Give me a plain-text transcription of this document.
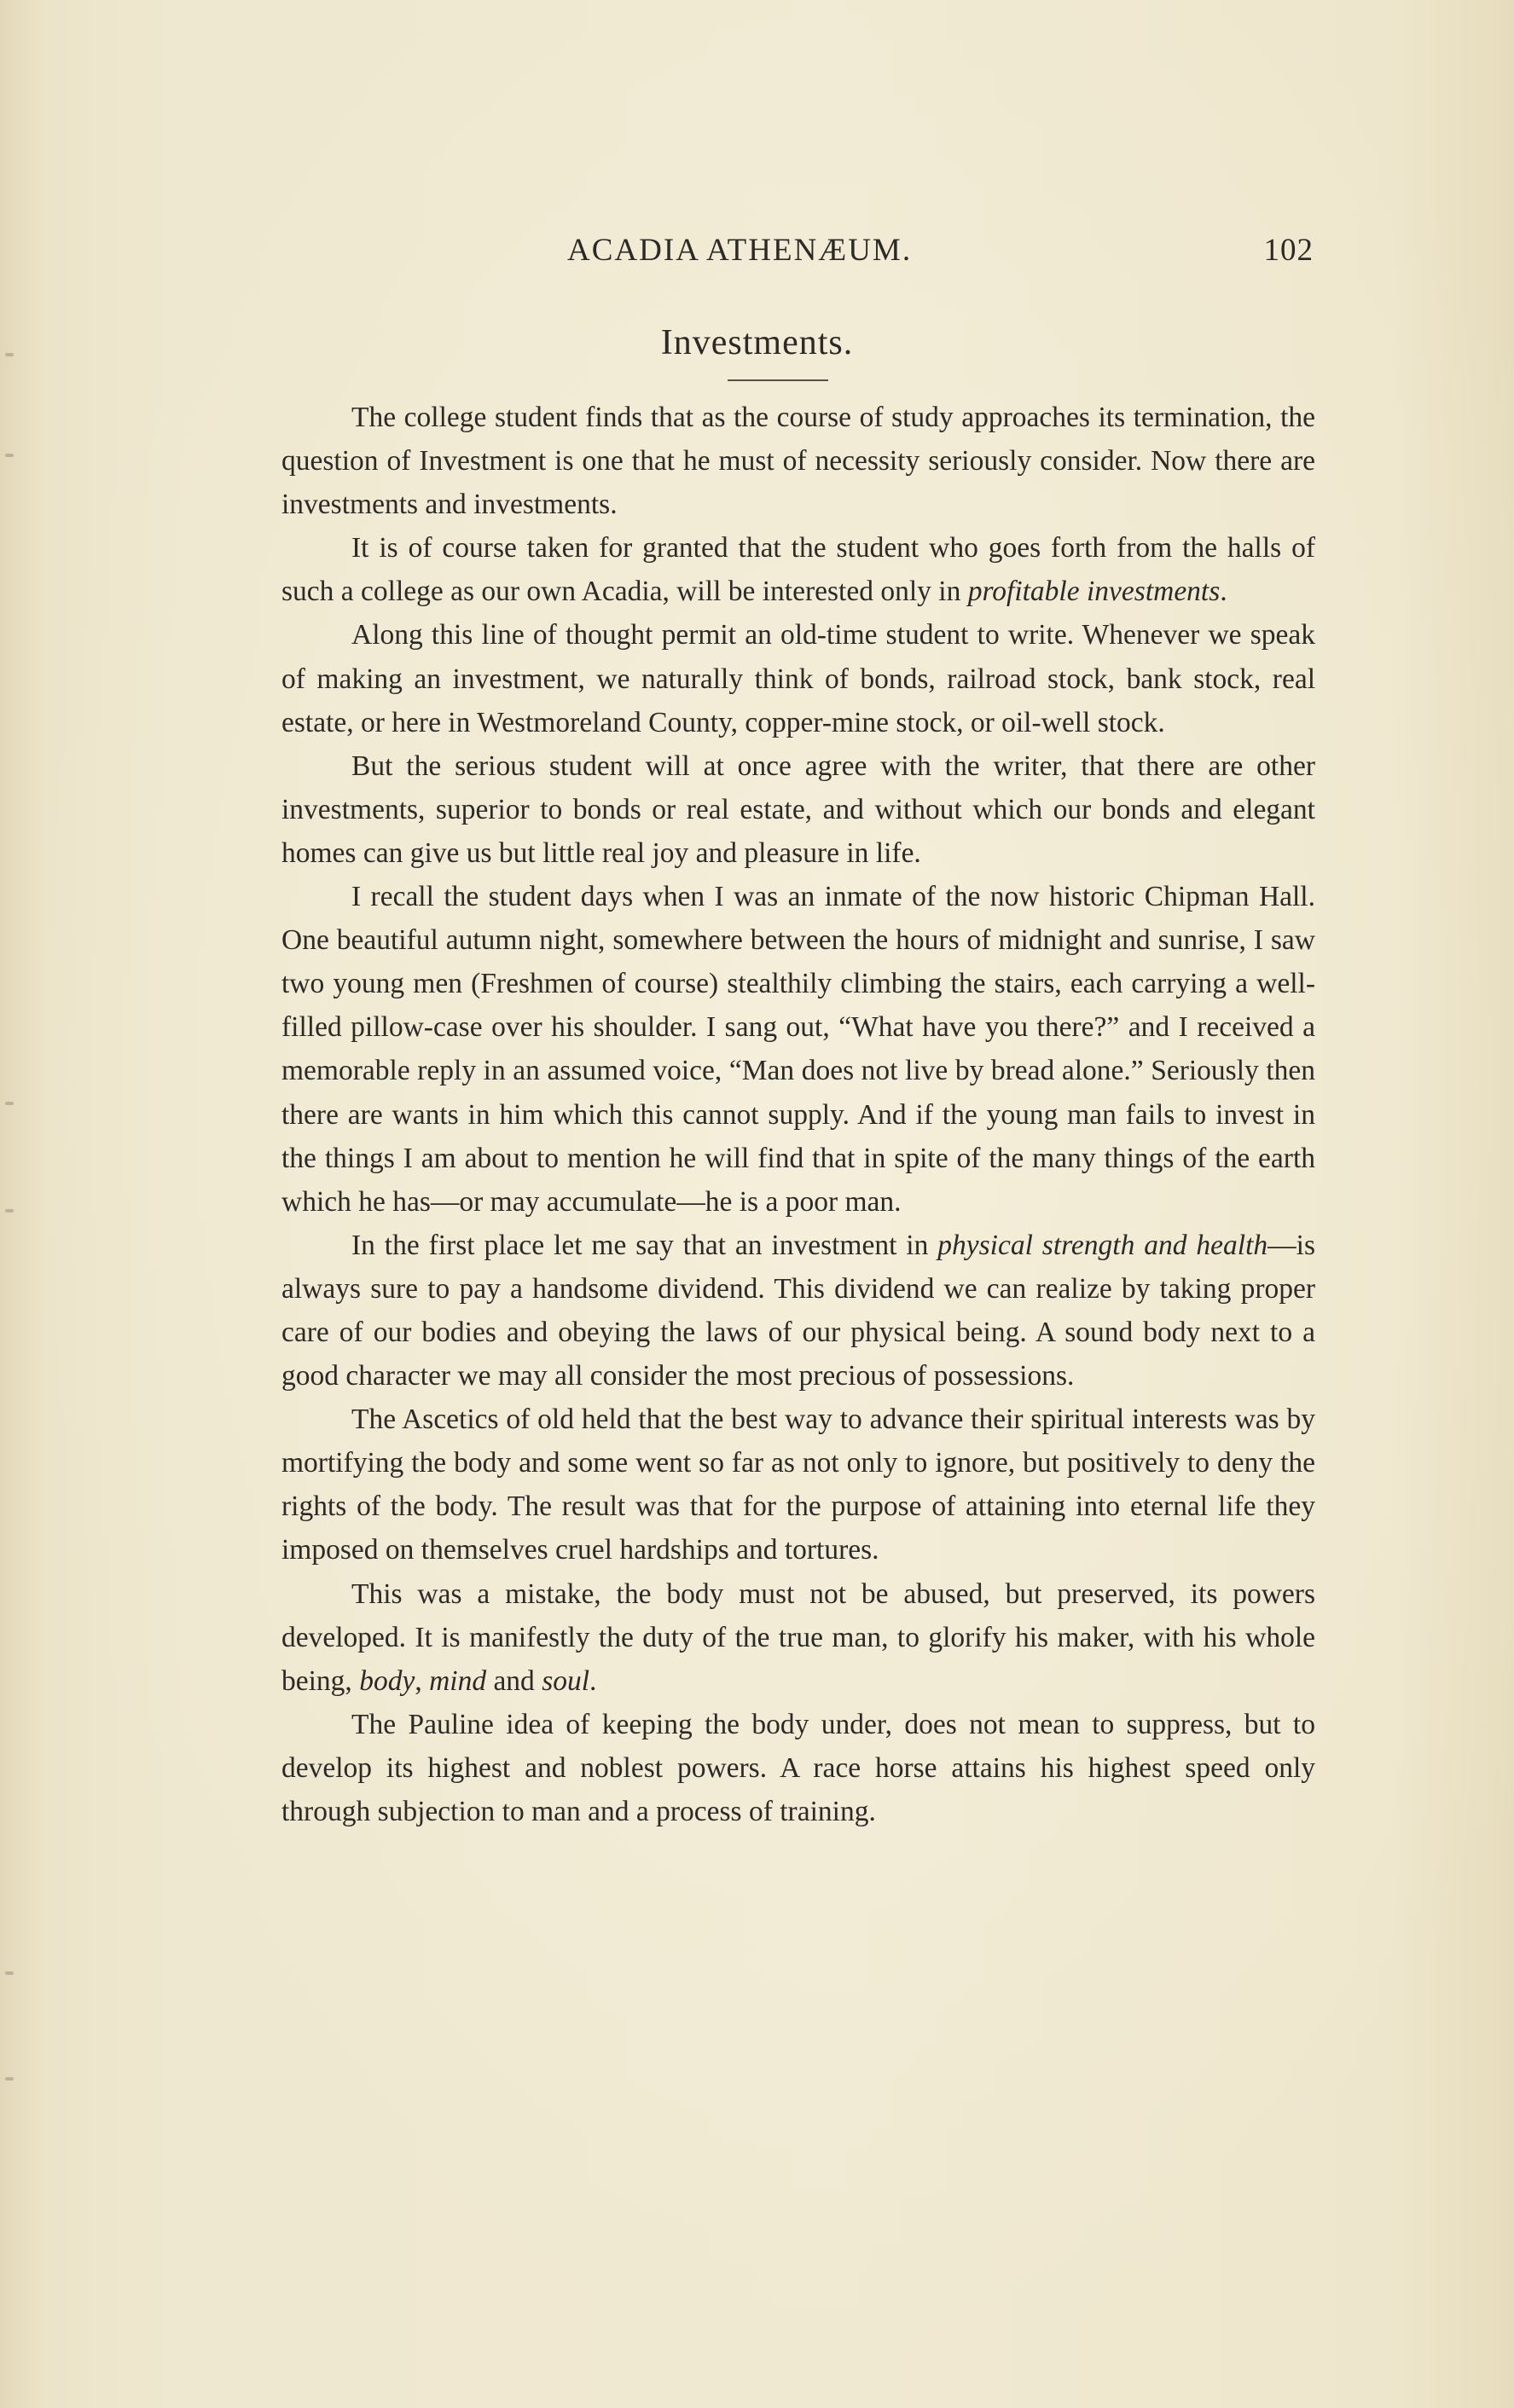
ACADIA ATHENÆUM.	102
Investments.

The college student finds that as the course of study approaches its termination, the question of Investment is one that he must of necessity seriously consider. Now there are investments and investments.

It is of course taken for granted that the student who goes forth from the halls of such a college as our own Acadia, will be interested only in profitable investments.

Along this line of thought permit an old-time student to write. Whenever we speak of making an investment, we naturally think of bonds, railroad stock, bank stock, real estate, or here in Westmoreland County, copper-mine stock, or oil-well stock.

But the serious student will at once agree with the writer, that there are other investments, superior to bonds or real estate, and without which our bonds and elegant homes can give us but little real joy and pleasure in life.

I recall the student days when I was an inmate of the now historic Chipman Hall. One beautiful autumn night, somewhere between the hours of midnight and sunrise, I saw two young men (Freshmen of course) stealthily climbing the stairs, each carrying a well-filled pillow-case over his shoulder. I sang out, “What have you there?” and I received a memorable reply in an assumed voice, “Man does not live by bread alone.” Seriously then there are wants in him which this cannot supply. And if the young man fails to invest in the things I am about to mention he will find that in spite of the many things of the earth which he has—or may accumulate—he is a poor man.

In the first place let me say that an investment in physical strength and health—is always sure to pay a handsome dividend. This dividend we can realize by taking proper care of our bodies and obeying the laws of our physical being. A sound body next to a good character we may all consider the most precious of possessions.

The Ascetics of old held that the best way to advance their spiritual interests was by mortifying the body and some went so far as not only to ignore, but positively to deny the rights of the body. The result was that for the purpose of attaining into eternal life they imposed on themselves cruel hardships and tortures.

This was a mistake, the body must not be abused, but preserved, its powers developed. It is manifestly the duty of the true man, to glorify his maker, with his whole being, body, mind and soul.

The Pauline idea of keeping the body under, does not mean to suppress, but to develop its highest and noblest powers. A race horse attains his highest speed only through subjection to man and a process of training.
